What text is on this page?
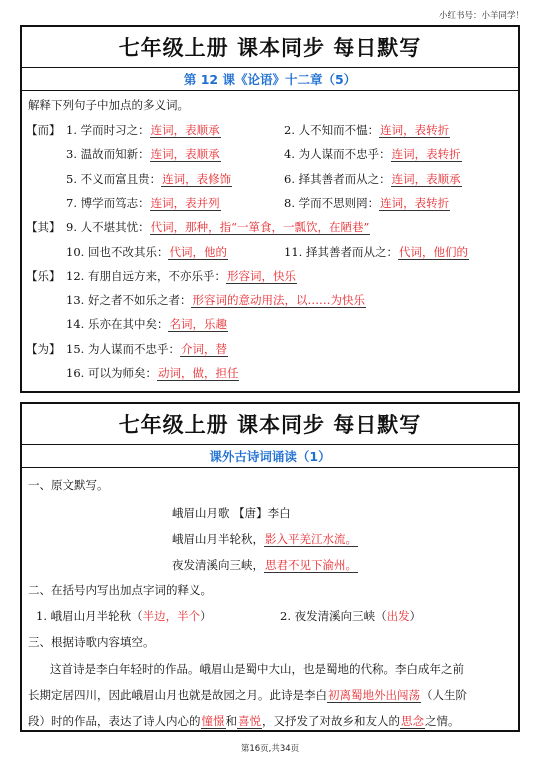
小红书号：小羊同学！
七年级上册 课本同步 每日默写
第 12 课《论语》十二章（5）
解释下列句子中加点的多义词。
【而】 1. 学而时习之：连词，表顺承	2. 人不知而不愠：连词，表转折
3. 温故而知新：连词，表顺承	4. 为人谋而不忠乎：连词，表转折
5. 不义而富且贵：连词，表修饰	6. 择其善者而从之：连词，表顺承
7. 博学而笃志：连词，表并列	8. 学而不思则罔：连词，表转折
【其】 9. 人不堪其忧：代词，那种，指“一箪食，一瓢饮，在陋巷”
10. 回也不改其乐：代词，他的	11. 择其善者而从之：代词，他们的
【乐】 12. 有朋自远方来，不亦乐乎：形容词，快乐
13. 好之者不如乐之者：形容词的意动用法，以……为快乐
14. 乐亦在其中矣：名词，乐趣
【为】 15. 为人谋而不忠乎：介词，替
16. 可以为师矣：动词，做，担任
七年级上册 课本同步 每日默写
课外古诗词诵读（1）
一、原文默写。
峨眉山月歌 【唐】李白
峨眉山月半轮秋，影入平羌江水流。
夜发清溪向三峡，思君不见下渝州。
二、在括号内写出加点字词的释义。
1. 峨眉山月半轮秋（半边，半个）	2. 夜发清溪向三峡（出发）
三、根据诗歌内容填空。
这首诗是李白年轻时的作品。峨眉山是蜀中大山，也是蜀地的代称。李白成年之前
长期定居四川，因此峨眉山月也就是故园之月。此诗是李白初离蜀地外出闯荡（人生阶
段）时的作品，表达了诗人内心的憧憬和喜悦，又抒发了对故乡和友人的思念之情。
第16页,共34页
